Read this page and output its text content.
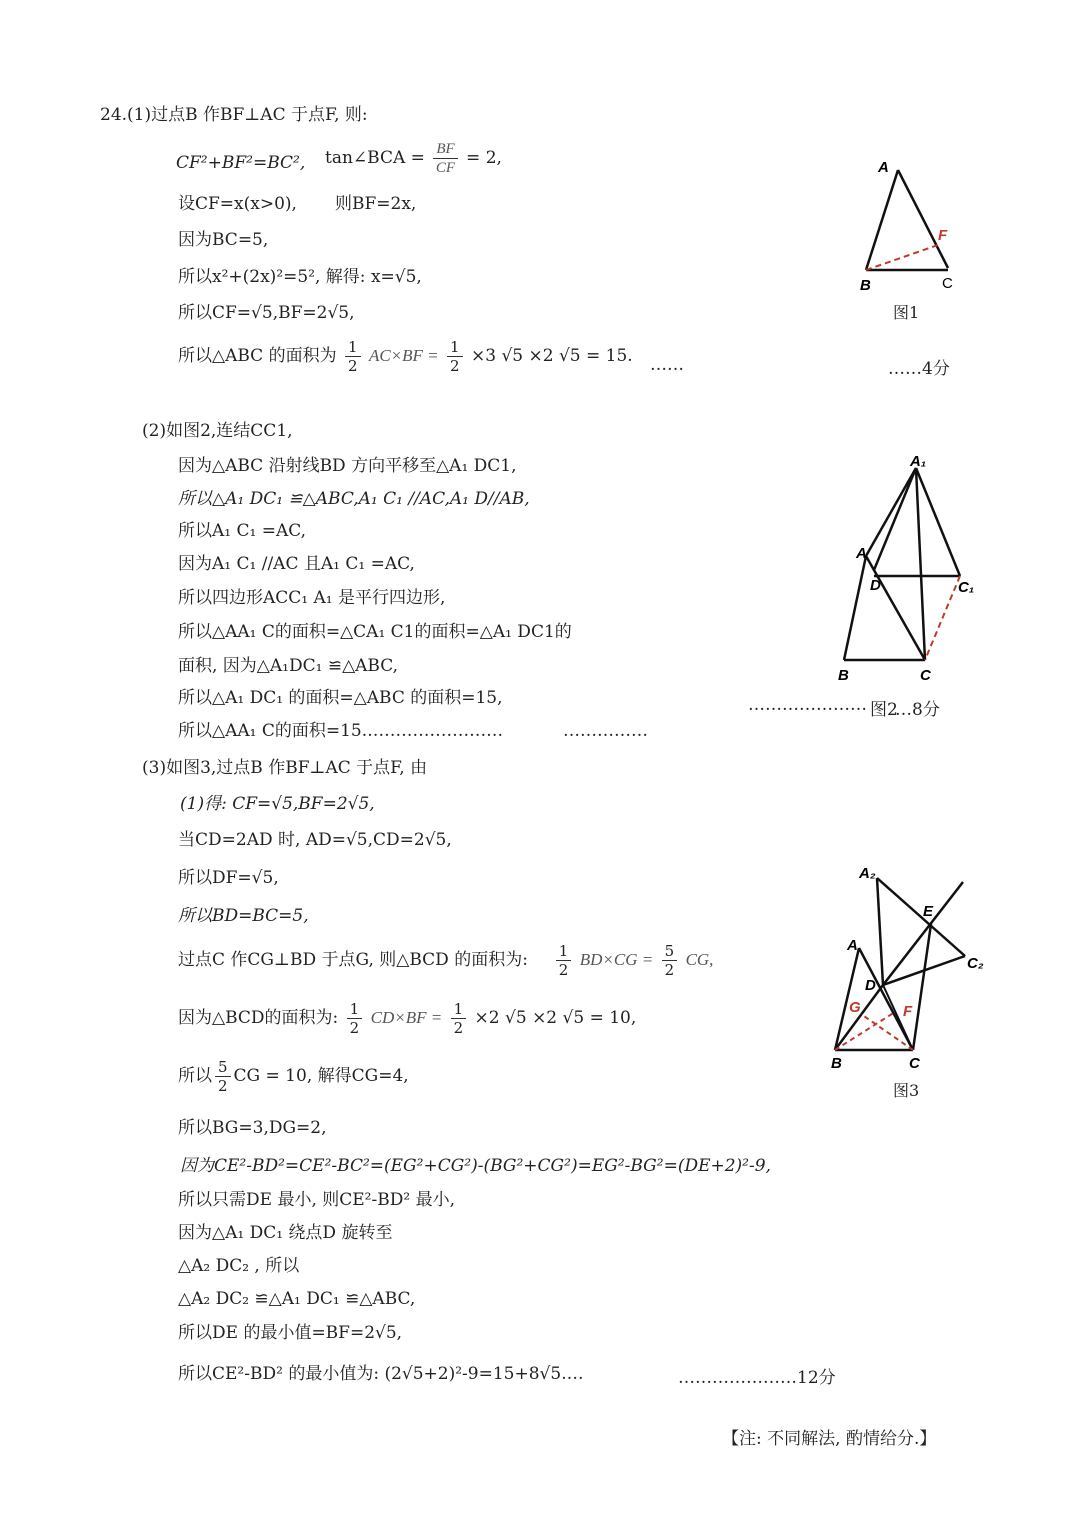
24.(1)过点B 作BF⊥AC 于点F, 则:
CF²+BF²=BC², tan∠BCA = $\frac{BF}{CF} = 2$,
设CF=x(x>0), 则BF=2x,
因为BC=5,
所以x²+(2x)²=5², 解得: x=√5,
所以CF=√5,BF=2√5,
所以△ABC 的面积为 $\frac{1}{2} AC\times BF = \frac{1}{2} \times 3$ √5 ×2 √5 = 15. ……	……4分
A
F
B	C
图1
(2)如图2,连结CC1,
因为△ABC 沿射线BD 方向平移至△A₁ DC1,
所以△A₁ DC₁ ≌△ABC,A₁ C₁ //AC,A₁ D//AB,
所以A₁ C₁ =AC,
因为A₁ C₁ //AC 且A₁ C₁ =AC,
所以四边形ACC₁ A₁ 是平行四边形,
所以△AA₁ C的面积=△CA₁ C1的面积=△A₁ DC1的
面积, 因为△A₁DC₁ ≌△ABC,
所以△A₁ DC₁ 的面积=△ABC 的面积=15,
所以△AA₁ C的面积=15.……………………	……………
………………… 图2
…8分
A₁
A
D	C₁
B	C
(3)如图3,过点B 作BF⊥AC 于点F, 由
(1)得: CF=√5,BF=2√5,
当CD=2AD 时, AD=√5,CD=2√5,
所以DF=√5,
所以BD=BC=5,
过点C 作CG⊥BD 于点G, 则△BCD 的面积为: $\frac{1}{2} BD\times CG = \frac{5}{2}$ CG,
因为△BCD的面积为: $\frac{1}{2} CD\times BF = \frac{1}{2} \times 2$ √5 ×2 √5 = 10,
所以 $\frac{5}{2}$ CG = 10, 解得CG=4,
所以BG=3,DG=2,
因为CE²-BD²=CE²-BC²=(EG²+CG²)-(BG²+CG²)=EG²-BG²=(DE+2)²-9,
所以只需DE 最小, 则CE²-BD² 最小,
因为△A₁ DC₁ 绕点D 旋转至
△A₂ DC₂ , 所以
△A₂ DC₂ ≌△A₁ DC₁ ≌△ABC,
所以DE 的最小值=BF=2√5,
所以CE²-BD² 的最小值为: (2√5+2)²-9=15+8√5.…	…………………12分
A₂
E
A
C₂
D
G	F
B	C
图3
【注: 不同解法, 酌情给分.】
